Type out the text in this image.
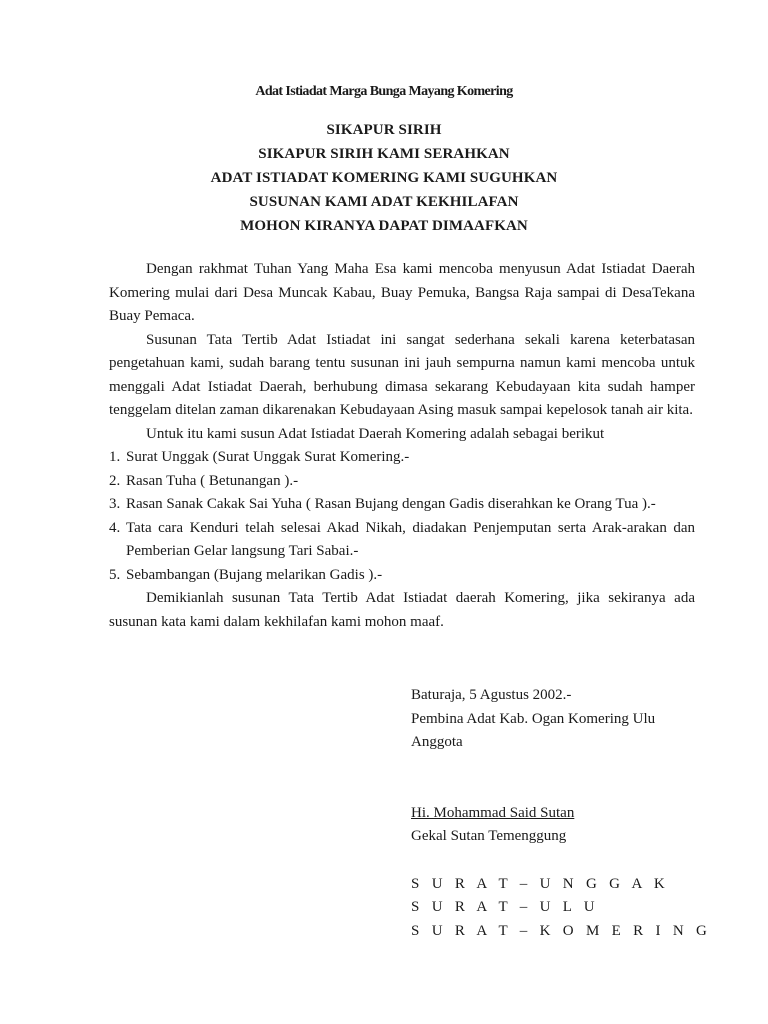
Adat Istiadat Marga Bunga Mayang Komering
SIKAPUR SIRIH
SIKAPUR SIRIH KAMI SERAHKAN
ADAT ISTIADAT KOMERING KAMI SUGUHKAN
SUSUNAN KAMI ADAT KEKHILAFAN
MOHON KIRANYA DAPAT DIMAAFKAN

Dengan rakhmat Tuhan Yang Maha Esa kami mencoba menyusun Adat Istiadat Daerah Komering mulai dari Desa Muncak Kabau, Buay Pemuka, Bangsa Raja sampai di DesaTekana Buay Pemaca.

Susunan Tata Tertib Adat Istiadat ini sangat sederhana sekali karena keterbatasan pengetahuan kami, sudah barang tentu susunan ini jauh sempurna namun kami mencoba untuk menggali Adat Istiadat Daerah, berhubung dimasa sekarang Kebudayaan kita sudah hamper tenggelam ditelan zaman dikarenakan Kebudayaan Asing masuk sampai kepelosok tanah air kita.

Untuk itu kami susun Adat Istiadat Daerah Komering adalah sebagai berikut

1. Surat Unggak (Surat Unggak Surat Komering.-
2. Rasan Tuha ( Betunangan ).-
3. Rasan Sanak Cakak Sai Yuha ( Rasan Bujang dengan Gadis diserahkan ke Orang Tua ).-
4. Tata cara Kenduri telah selesai Akad Nikah, diadakan Penjemputan serta Arak-arakan dan Pemberian Gelar langsung Tari Sabai.-
5. Sebambangan (Bujang melarikan Gadis ).-

Demikianlah susunan Tata Tertib Adat Istiadat daerah Komering, jika sekiranya ada susunan kata kami dalam kekhilafan kami mohon maaf.

Baturaja, 5 Agustus 2002.-
Pembina Adat Kab. Ogan Komering Ulu
Anggota
Hi. Mohammad Said Sutan
Gekal Sutan Temenggung
S U R A T – U N G G A K
S U R A T – U L U
S U R A T – K O M E R I N G
